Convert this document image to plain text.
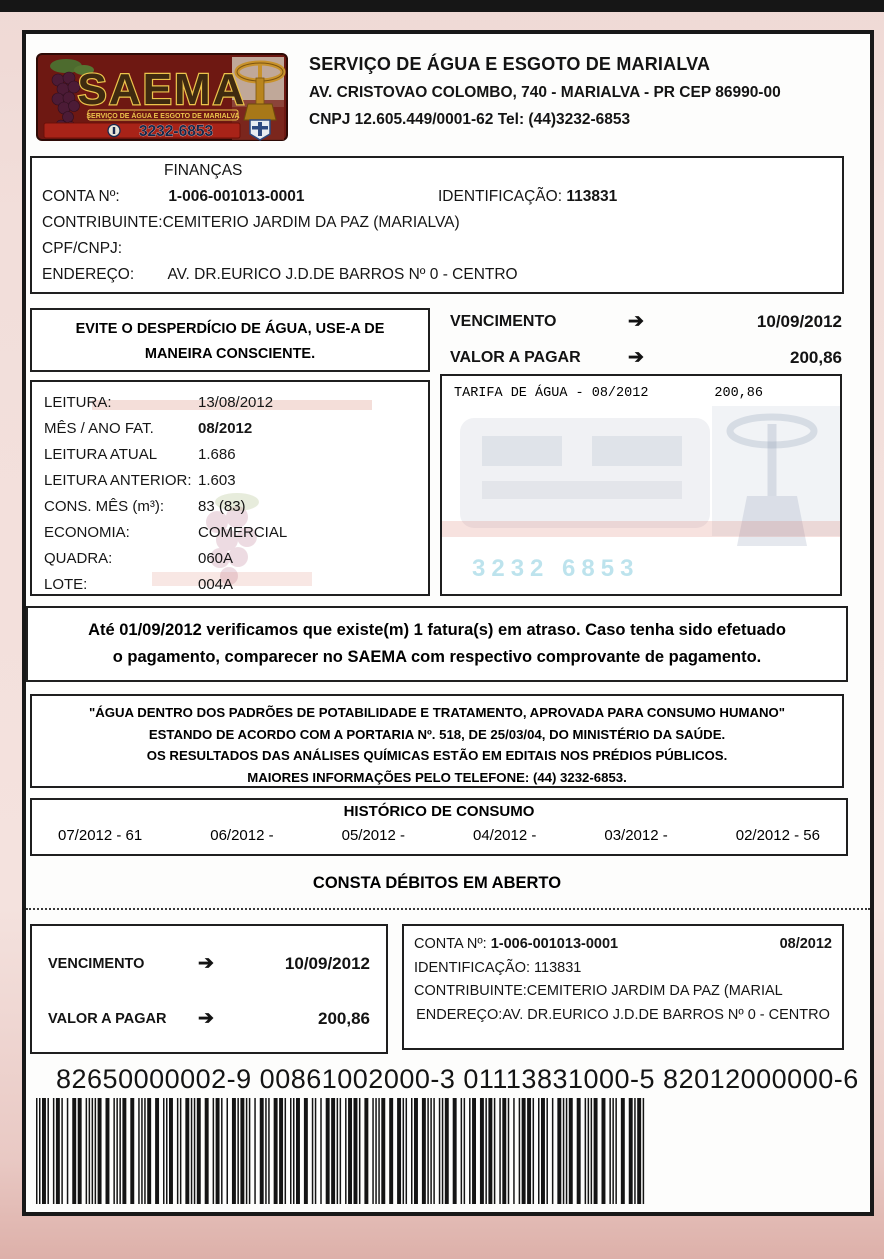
SAEMA
SERVIÇO DE ÁGUA E ESGOTO DE MARIALVA
3232-6853
SERVIÇO DE ÁGUA E ESGOTO DE MARIALVA
AV. CRISTOVAO COLOMBO, 740 - MARIALVA - PR CEP 86990-00
CNPJ 12.605.449/0001-62 Tel: (44)3232-6853
FINANÇAS
CONTA Nº:	1-006-001013-0001	IDENTIFICAÇÃO: 113831
CONTRIBUINTE:CEMITERIO JARDIM DA PAZ (MARIALVA)
CPF/CNPJ:
ENDEREÇO: AV. DR.EURICO J.D.DE BARROS Nº 0 - CENTRO
EVITE O DESPERDÍCIO DE ÁGUA, USE-A DE
MANEIRA CONSCIENTE.
VENCIMENTO	➔	10/09/2012
VALOR A PAGAR	➔	200,86
LEITURA:	13/08/2012
MÊS / ANO FAT.	08/2012
LEITURA ATUAL	1.686
LEITURA ANTERIOR: 1.603
CONS. MÊS (m³): 83 (83)
ECONOMIA:	COMERCIAL
QUADRA:	060A
LOTE:	004A
3232 6853
TARIFA DE ÁGUA - 08/2012	200,86
Até 01/09/2012 verificamos que existe(m) 1 fatura(s) em atraso. Caso tenha sido efetuado
o pagamento, comparecer no SAEMA com respectivo comprovante de pagamento.
"ÁGUA DENTRO DOS PADRÕES DE POTABILIDADE E TRATAMENTO, APROVADA PARA CONSUMO HUMANO"
ESTANDO DE ACORDO COM A PORTARIA Nº. 518, DE 25/03/04, DO MINISTÉRIO DA SAÚDE.
OS RESULTADOS DAS ANÁLISES QUÍMICAS ESTÃO EM EDITAIS NOS PRÉDIOS PÚBLICOS.
MAIORES INFORMAÇÕES PELO TELEFONE: (44) 3232-6853.
HISTÓRICO DE CONSUMO
07/2012 - 61	06/2012 -	05/2012 -	04/2012 -	03/2012 -	02/2012 - 56
CONSTA DÉBITOS EM ABERTO
VENCIMENTO	➔	10/09/2012
VALOR A PAGAR	➔	200,86
CONTA Nº: 1-006-001013-0001	08/2012
IDENTIFICAÇÃO: 113831
CONTRIBUINTE:CEMITERIO JARDIM DA PAZ (MARIAL
ENDEREÇO:AV. DR.EURICO J.D.DE BARROS Nº 0 - CENTRO
82650000002-9 00861002000-3 01113831000-5 82012000000-6
